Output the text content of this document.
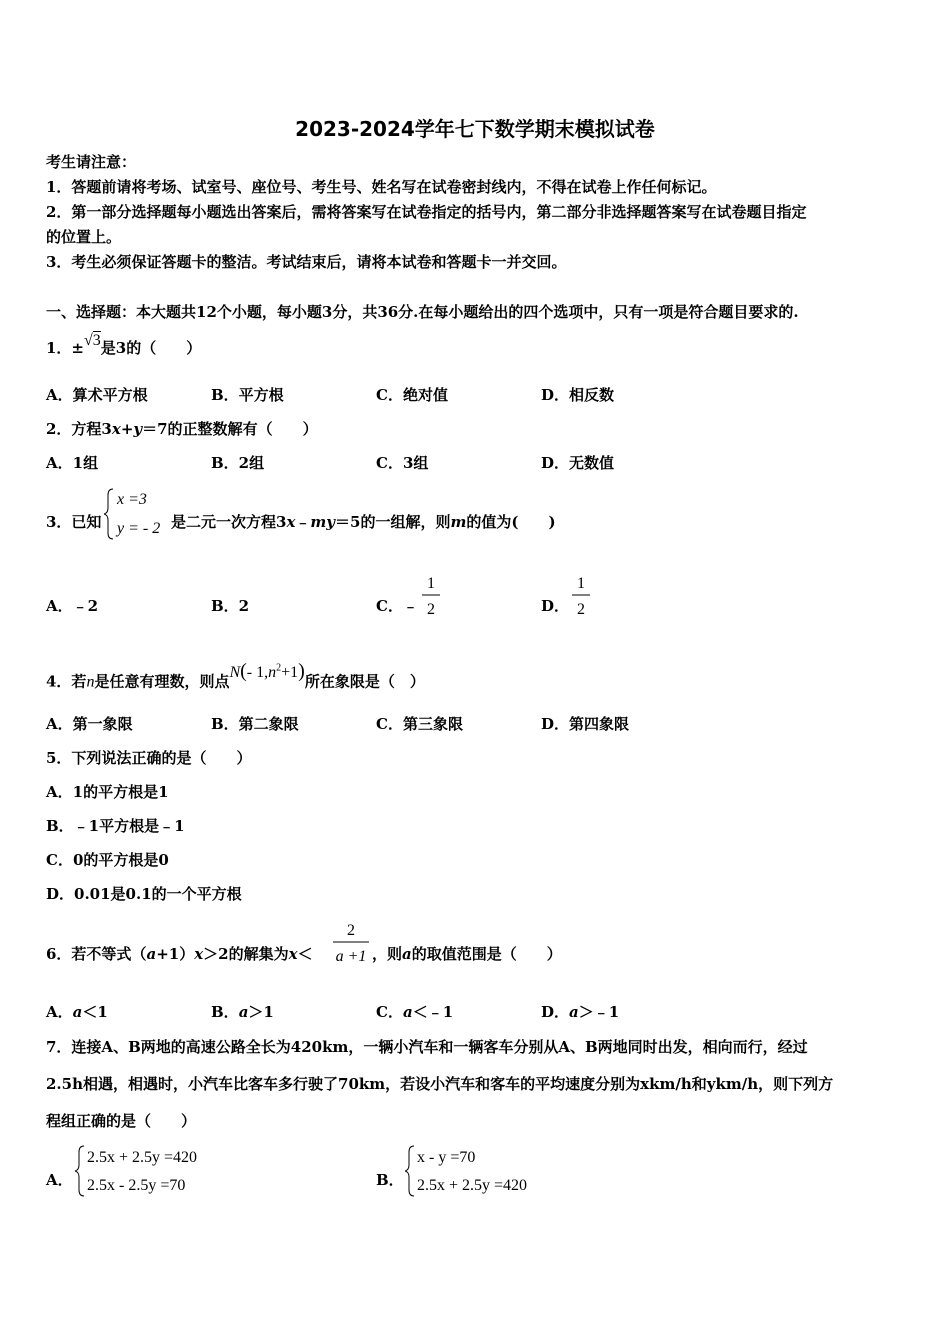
2023-2024学年七下数学期末模拟试卷
考生请注意：
1．答题前请将考场、试室号、座位号、考生号、姓名写在试卷密封线内，不得在试卷上作任何标记。
2．第一部分选择题每小题选出答案后，需将答案写在试卷指定的括号内，第二部分非选择题答案写在试卷题目指定
的位置上。
3．考生必须保证答题卡的整洁。考试结束后，请将本试卷和答题卡一并交回。
一、选择题：本大题共12个小题，每小题3分，共36分.在每小题给出的四个选项中，只有一项是符合题目要求的.
1．±√3是3的（　　）
A．算术平方根	B．平方根	C．绝对值	D．相反数
2．方程3x+y＝7的正整数解有（　　）
A．1组	B．2组	C．3组	D．无数值
3．已知
x =3
y = - 2 是二元一次方程3x﹣my＝5的一组解，则m的值为(　　)
A．﹣2	B．2	C．﹣
1
2	D．
1
2
4．若n是任意有理数，则点N(- $1,n^2+1$)所在象限是（　）
A．第一象限	B．第二象限	C．第三象限	D．第四象限
5．下列说法正确的是（　　）
A．1的平方根是1
B．﹣1平方根是﹣1
C．0的平方根是0
D．0.01是0.1的一个平方根
6．若不等式（a+1）x＞2的解集为x＜
2
a +1 ，则a的取值范围是（　　）
A．a＜1	B．a＞1	C．a＜﹣1	D．a＞﹣1
7．连接A、B两地的高速公路全长为420km，一辆小汽车和一辆客车分别从A、B两地同时出发，相向而行，经过
2.5h相遇，相遇时，小汽车比客车多行驶了70km，若设小汽车和客车的平均速度分别为xkm/h和ykm/h，则下列方
程组正确的是（　　）
A．
2.5x + 2.5y =420
2.5x - 2.5y =70	B．
x - y =70
2.5x + 2.5y =420
